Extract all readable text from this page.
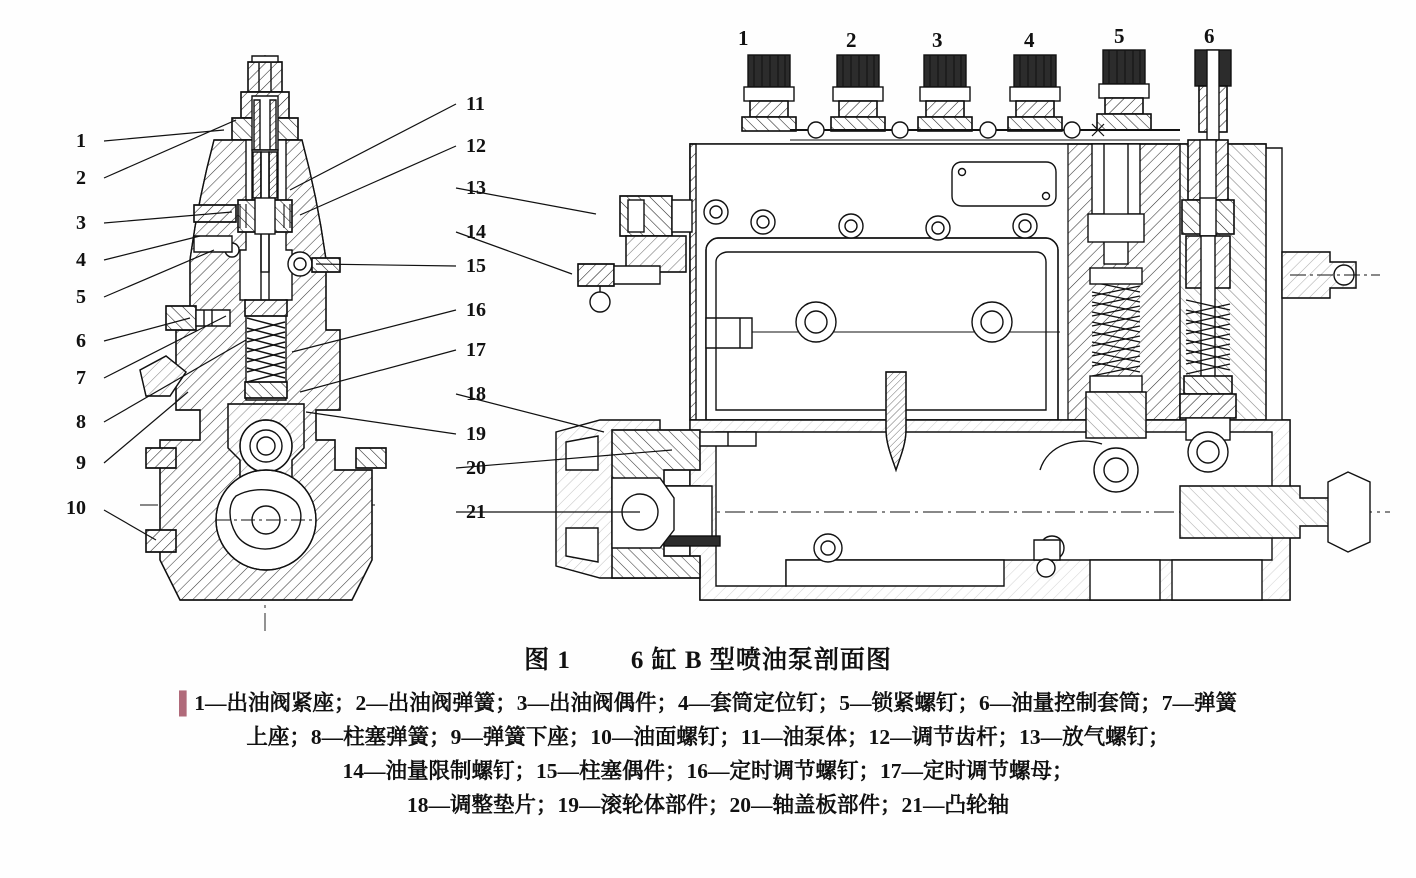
1	2	3	4	5	6
1
2
3
4
5
6
7
8
9
10
11
12
13
14
15
16
17
18
19
20
21
图 1 6 缸 B 型喷油泵剖面图
▌1—出油阀紧座；2—出油阀弹簧；3—出油阀偶件；4—套筒定位钉；5—锁紧螺钉；6—油量控制套筒；7—弹簧
上座；8—柱塞弹簧；9—弹簧下座；10—油面螺钉；11—油泵体；12—调节齿杆；13—放气螺钉；
14—油量限制螺钉；15—柱塞偶件；16—定时调节螺钉；17—定时调节螺母；
18—调整垫片；19—滚轮体部件；20—轴盖板部件；21—凸轮轴
